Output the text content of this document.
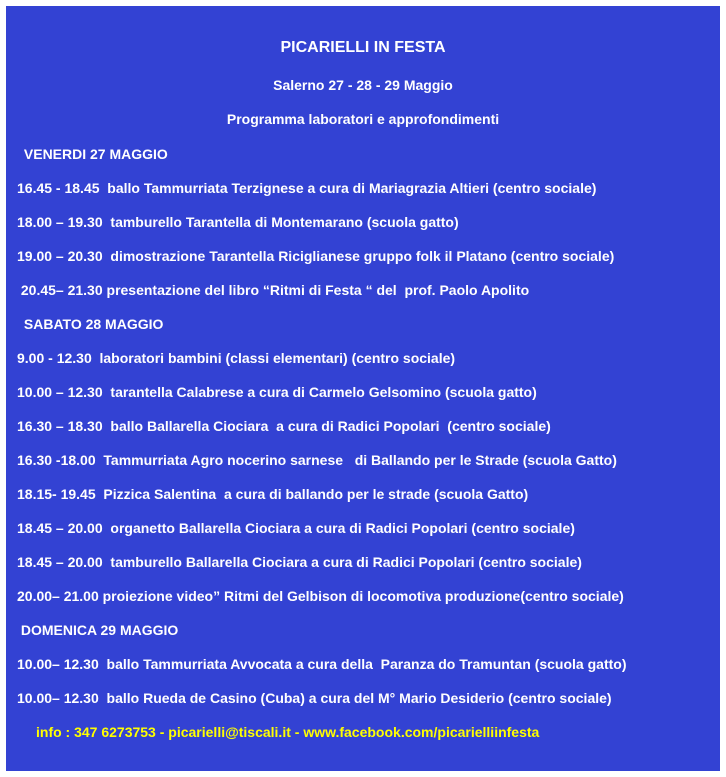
PICARIELLI IN FESTA
Salerno 27 - 28 - 29 Maggio
Programma laboratori e approfondimenti
VENERDI 27 MAGGIO
16.45 - 18.45  ballo Tammurriata Terzignese a cura di Mariagrazia Altieri (centro sociale)
18.00 – 19.30  tamburello Tarantella di Montemarano (scuola gatto)
19.00 – 20.30  dimostrazione Tarantella Riciglianese gruppo folk il Platano (centro sociale)
20.45– 21.30 presentazione del libro “Ritmi di Festa “ del  prof. Paolo Apolito
SABATO 28 MAGGIO
9.00 - 12.30  laboratori bambini (classi elementari) (centro sociale)
10.00 – 12.30  tarantella Calabrese a cura di Carmelo Gelsomino (scuola gatto)
16.30 – 18.30  ballo Ballarella Ciociara  a cura di Radici Popolari  (centro sociale)
16.30 -18.00  Tammurriata Agro nocerino sarnese   di Ballando per le Strade (scuola Gatto)
18.15- 19.45  Pizzica Salentina  a cura di ballando per le strade (scuola Gatto)
18.45 – 20.00  organetto Ballarella Ciociara a cura di Radici Popolari (centro sociale)
18.45 – 20.00  tamburello Ballarella Ciociara a cura di Radici Popolari (centro sociale)
20.00– 21.00 proiezione video” Ritmi del Gelbison di locomotiva produzione(centro sociale)
DOMENICA 29 MAGGIO
10.00– 12.30  ballo Tammurriata Avvocata a cura della  Paranza do Tramuntan (scuola gatto)
10.00– 12.30  ballo Rueda de Casino (Cuba) a cura del M° Mario Desiderio (centro sociale)
info : 347 6273753 - picarielli@tiscali.it - www.facebook.com/picarielliinfesta
